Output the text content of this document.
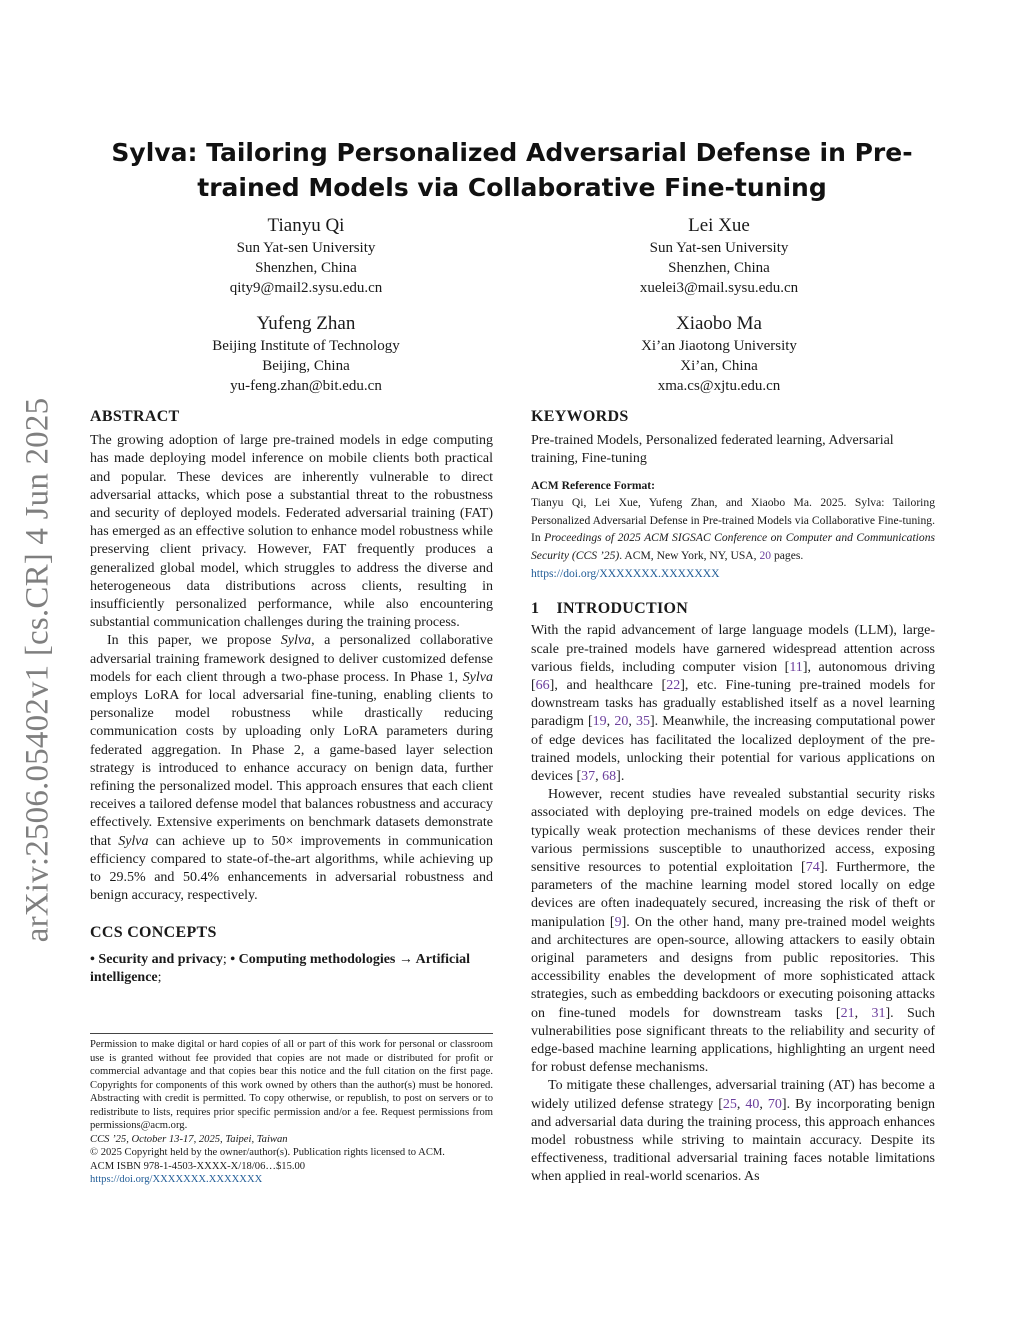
arXiv:2506.05402v1 [cs.CR] 4 Jun 2025
Sylva: Tailoring Personalized Adversarial Defense in Pre-trained Models via Collaborative Fine-tuning
Tianyu Qi
Sun Yat-sen University
Shenzhen, China
qity9@mail2.sysu.edu.cn
Lei Xue
Sun Yat-sen University
Shenzhen, China
xuelei3@mail.sysu.edu.cn
Yufeng Zhan
Beijing Institute of Technology
Beijing, China
yu-feng.zhan@bit.edu.cn
Xiaobo Ma
Xi’an Jiaotong University
Xi’an, China
xma.cs@xjtu.edu.cn
ABSTRACT

The growing adoption of large pre-trained models in edge computing has made deploying model inference on mobile clients both practical and popular. These devices are inherently vulnerable to direct adversarial attacks, which pose a substantial threat to the robustness and security of deployed models. Federated adversarial training (FAT) has emerged as an effective solution to enhance model robustness while preserving client privacy. However, FAT frequently produces a generalized global model, which struggles to address the diverse and heterogeneous data distributions across clients, resulting in insufficiently personalized performance, while also encountering substantial communication challenges during the training process.

In this paper, we propose Sylva, a personalized collaborative adversarial training framework designed to deliver customized defense models for each client through a two-phase process. In Phase 1, Sylva employs LoRA for local adversarial fine-tuning, enabling clients to personalize model robustness while drastically reducing communication costs by uploading only LoRA parameters during federated aggregation. In Phase 2, a game-based layer selection strategy is introduced to enhance accuracy on benign data, further refining the personalized model. This approach ensures that each client receives a tailored defense model that balances robustness and accuracy effectively. Extensive experiments on benchmark datasets demonstrate that Sylva can achieve up to 50× improvements in communication efficiency compared to state-of-the-art algorithms, while achieving up to 29.5% and 50.4% enhancements in adversarial robustness and benign accuracy, respectively.

CCS CONCEPTS

• Security and privacy; • Computing methodologies → Artificial intelligence;

Permission to make digital or hard copies of all or part of this work for personal or classroom use is granted without fee provided that copies are not made or distributed for profit or commercial advantage and that copies bear this notice and the full citation on the first page. Copyrights for components of this work owned by others than the author(s) must be honored. Abstracting with credit is permitted. To copy otherwise, or republish, to post on servers or to redistribute to lists, requires prior specific permission and/or a fee. Request permissions from permissions@acm.org.

CCS ’25, October 13-17, 2025, Taipei, Taiwan

© 2025 Copyright held by the owner/author(s). Publication rights licensed to ACM.

ACM ISBN 978-1-4503-XXXX-X/18/06…$15.00

https://doi.org/XXXXXXX.XXXXXXX

KEYWORDS

Pre-trained Models, Personalized federated learning, Adversarial training, Fine-tuning

ACM Reference Format:
Tianyu Qi, Lei Xue, Yufeng Zhan, and Xiaobo Ma. 2025. Sylva: Tailoring Personalized Adversarial Defense in Pre-trained Models via Collaborative Fine-tuning. In Proceedings of 2025 ACM SIGSAC Conference on Computer and Communications Security (CCS ’25). ACM, New York, NY, USA, 20 pages.
https://doi.org/XXXXXXX.XXXXXXX
1    INTRODUCTION

With the rapid advancement of large language models (LLM), large-scale pre-trained models have garnered widespread attention across various fields, including computer vision [11], autonomous driving [66], and healthcare [22], etc. Fine-tuning pre-trained models for downstream tasks has gradually established itself as a novel learning paradigm [19, 20, 35]. Meanwhile, the increasing computational power of edge devices has facilitated the localized deployment of the pre-trained models, unlocking their potential for various applications on devices [37, 68].

However, recent studies have revealed substantial security risks associated with deploying pre-trained models on edge devices. The typically weak protection mechanisms of these devices render their various permissions susceptible to unauthorized access, exposing sensitive resources to potential exploitation [74]. Furthermore, the parameters of the machine learning model stored locally on edge devices are often inadequately secured, increasing the risk of theft or manipulation [9]. On the other hand, many pre-trained model weights and architectures are open-source, allowing attackers to easily obtain original parameters and designs from public repositories. This accessibility enables the development of more sophisticated attack strategies, such as embedding backdoors or executing poisoning attacks on fine-tuned models for downstream tasks [21, 31]. Such vulnerabilities pose significant threats to the reliability and security of edge-based machine learning applications, highlighting an urgent need for robust defense mechanisms.

To mitigate these challenges, adversarial training (AT) has become a widely utilized defense strategy [25, 40, 70]. By incorporating benign and adversarial data during the training process, this approach enhances model robustness while striving to maintain accuracy. Despite its effectiveness, traditional adversarial training faces notable limitations when applied in real-world scenarios. As
